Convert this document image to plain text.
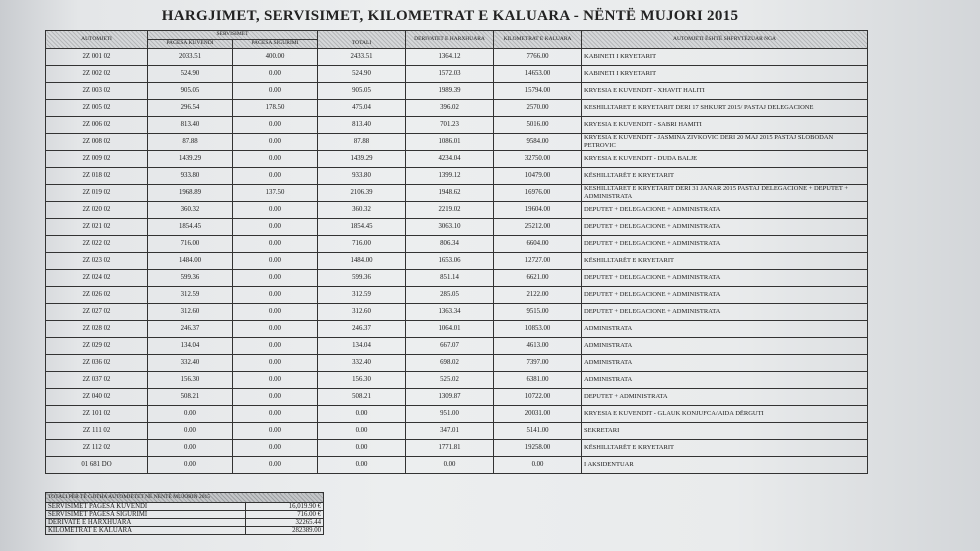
HARGJIMET, SERVISIMET, KILOMETRAT E KALUARA - NËNTË MUJORI 2015
AUTOMJETI	SERVISIMET		TOTALI	DERIVATET E HARXHUARA	KILOMETRAT E KALUARA	AUTOMJETI ËSHTË SHFRYTËZUAR NGA
	PAGESA KUVENDI	PAGESA SIGURIMI				
2Z 001 02	2033.51	400.00	2433.51	1364.12	7766.00	KABINETI I KRYETARIT
2Z 002 02	524.90	0.00	524.90	1572.03	14653.00	KABINETI I KRYETARIT
2Z 003 02	905.05	0.00	905.05	1989.39	15794.00	KRYESIA E KUVENDIT - XHAVIT HALITI
2Z 005 02	296.54	178.50	475.04	396.02	2570.00	KESHILLTARET E KRYETARIT DERI 17 SHKURT 2015/ PASTAJ DELEGACIONE
2Z 006 02	813.40	0.00	813.40	701.23	5016.00	KRYESIA E KUVENDIT - SABRI HAMITI
2Z 008 02	87.88	0.00	87.88	1086.01	9584.00	KRYESIA E KUVENDIT - JASMINA ZIVKOVIC DERI 20 MAJ 2015 PASTAJ SLOBODAN PETROVIC
2Z 009 02	1439.29	0.00	1439.29	4234.04	32750.00	KRYESIA E KUVENDIT - DUDA BALJE
2Z 018 02	933.80	0.00	933.80	1399.12	10479.00	KËSHILLTARËT E KRYETARIT
2Z 019 02	1968.89	137.50	2106.39	1948.62	16976.00	KESHILLTARET E KRYETARIT DERI 31 JANAR 2015 PASTAJ DELEGACIONE + DEPUTET + ADMINISTRATA
2Z 020 02	360.32	0.00	360.32	2219.02	19604.00	DEPUTET + DELEGACIONE + ADMINISTRATA
2Z 021 02	1854.45	0.00	1854.45	3063.10	25212.00	DEPUTET + DELEGACIONE + ADMINISTRATA
2Z 022 02	716.00	0.00	716.00	806.34	6604.00	DEPUTET + DELEGACIONE + ADMINISTRATA
2Z 023 02	1484.00	0.00	1484.00	1653.06	12727.00	KËSHILLTARËT E KRYETARIT
2Z 024 02	599.36	0.00	599.36	851.14	6621.00	DEPUTET + DELEGACIONE + ADMINISTRATA
2Z 026 02	312.59	0.00	312.59	285.05	2122.00	DEPUTET + DELEGACIONE + ADMINISTRATA
2Z 027 02	312.60	0.00	312.60	1363.34	9515.00	DEPUTET + DELEGACIONE + ADMINISTRATA
2Z 028 02	246.37	0.00	246.37	1064.01	10853.00	ADMINISTRATA
2Z 029 02	134.04	0.00	134.04	667.07	4613.00	ADMINISTRATA
2Z 036 02	332.40	0.00	332.40	698.02	7397.00	ADMINISTRATA
2Z 037 02	156.30	0.00	156.30	525.02	6381.00	ADMINISTRATA
2Z 040 02	508.21	0.00	508.21	1309.87	10722.00	DEPUTET + ADMINISTRATA
2Z 101 02	0.00	0.00	0.00	951.00	20031.00	KRYESIA E KUVENDIT - GLAUK KONJUFCA/AIDA DËRGUTI
2Z 111 02	0.00	0.00	0.00	347.01	5141.00	SEKRETARI
2Z 112 02	0.00	0.00	0.00	1771.81	19258.00	KËSHILLTARËT E KRYETARIT
01 681 DO	0.00	0.00	0.00	0.00	0.00	I AKSIDENTUAR
TOTALI PËR TË GJITHA AUTOMJETET NË NËNTË MUJORIN 2015	
SERVISIMET PAGESA KUVENDI	16,019.90 €
SERVISIMET PAGESA SIGURIMI	716.00 €
DERIVATE E HARXHUARA	32265.44
KILOMETRAT E KALUARA	282389.00
